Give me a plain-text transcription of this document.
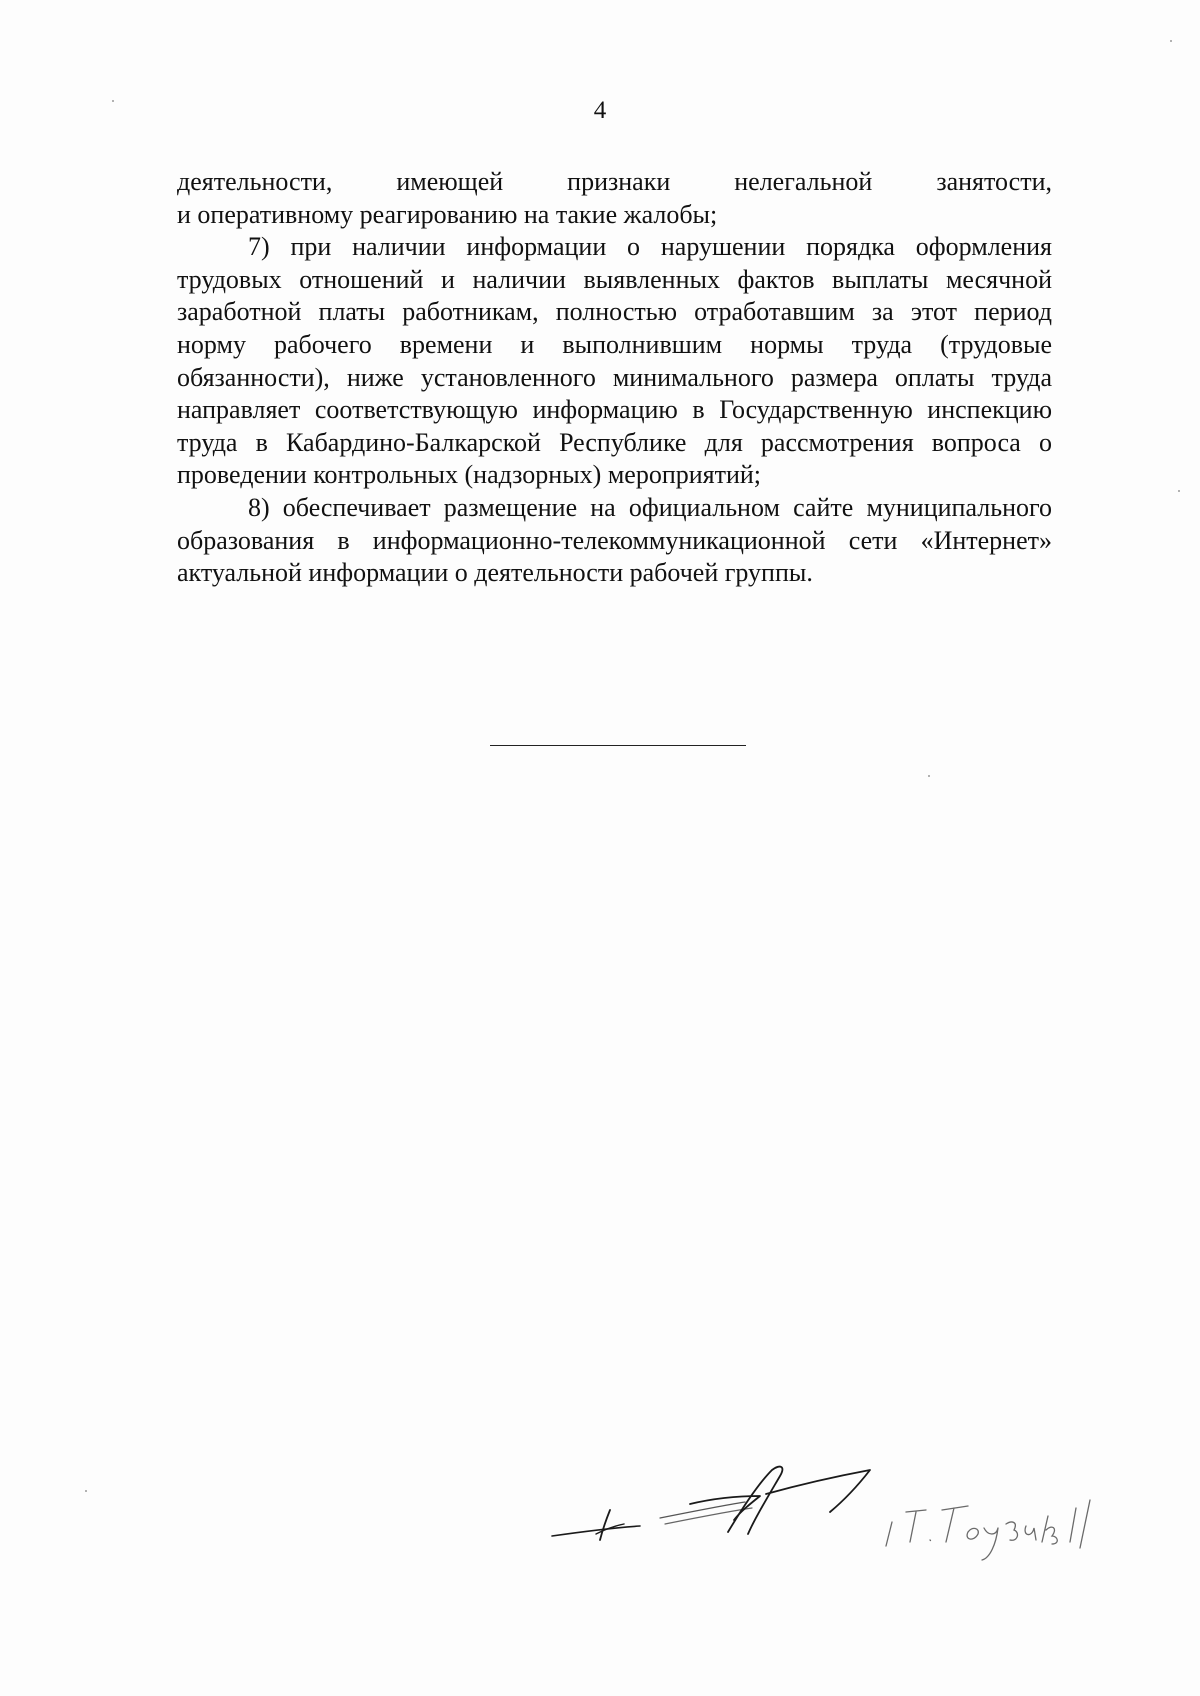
4

деятельности, имеющей признаки нелегальной занятости,
и оперативному реагированию на такие жалобы;

7) при наличии информации о нарушении порядка оформления трудовых отношений и наличии выявленных фактов выплаты месячной заработной платы работникам, полностью отработавшим за этот период норму рабочего времени и выполнившим нормы труда (трудовые обязанности), ниже установленного минимального размера оплаты труда направляет соответствующую информацию в Государственную инспекцию труда в Кабардино-Балкарской Республике для рассмотрения вопроса о проведении контрольных (надзорных) мероприятий;

8) обеспечивает размещение на официальном сайте муниципального образования в информационно-телекоммуникационной сети «Интернет» актуальной информации о деятельности рабочей группы.
